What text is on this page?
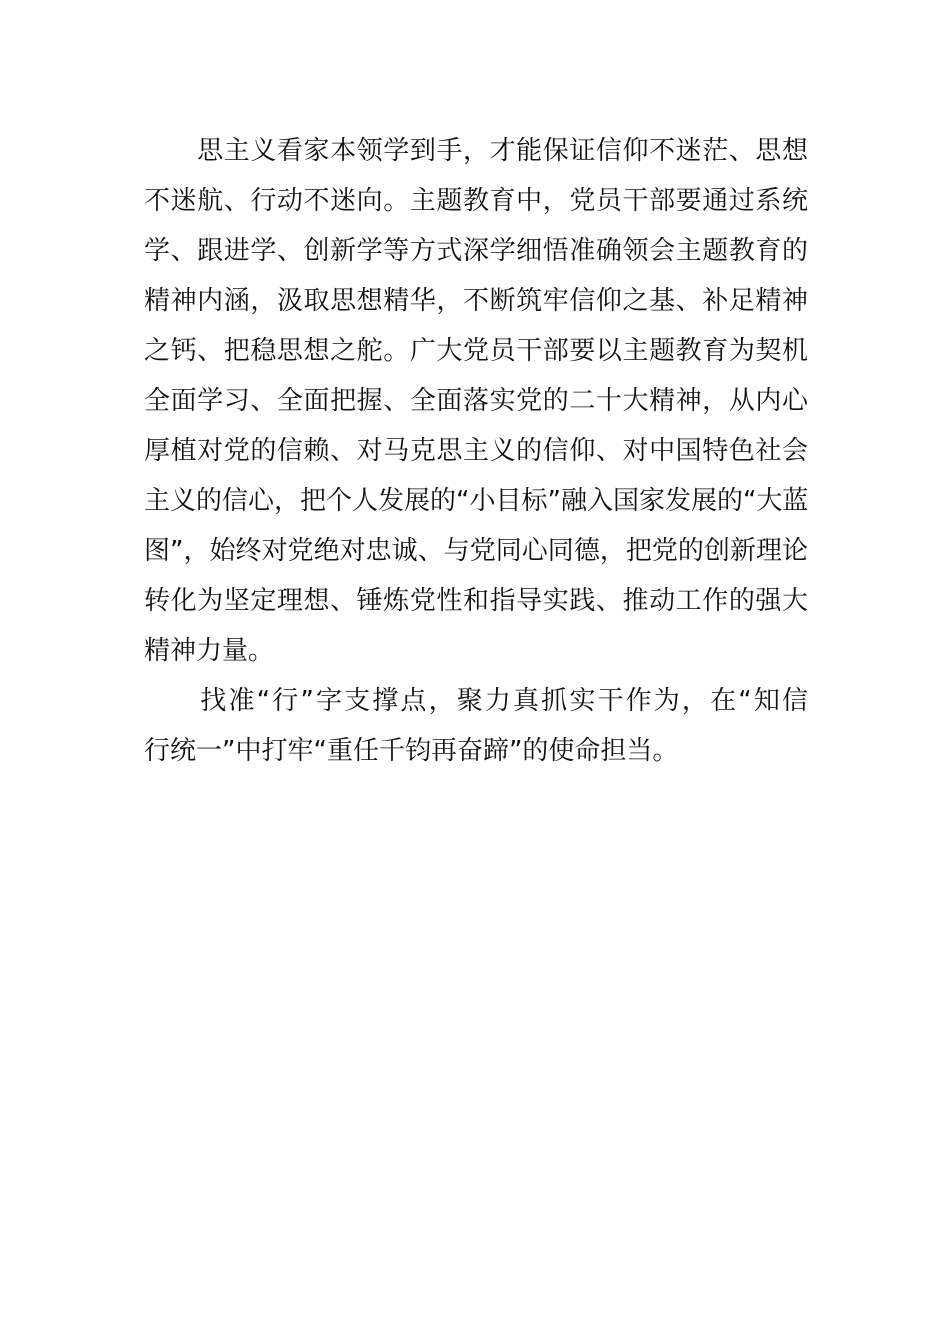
　　思主义看家本领学到手，才能保证信仰不迷茫、思想
不迷航、行动不迷向。主题教育中，党员干部要通过系统
学、跟进学、创新学等方式深学细悟准确领会主题教育的
精神内涵，汲取思想精华，不断筑牢信仰之基、补足精神
之钙、把稳思想之舵。广大党员干部要以主题教育为契机
全面学习、全面把握、全面落实党的二十大精神，从内心
厚植对党的信赖、对马克思主义的信仰、对中国特色社会
主义的信心，把个人发展的“小目标”融入国家发展的“大蓝
图”，始终对党绝对忠诚、与党同心同德，把党的创新理论
转化为坚定理想、锤炼党性和指导实践、推动工作的强大
精神力量。
　　找准“行”字支撑点，聚力真抓实干作为，在“知信
行统一”中打牢“重任千钧再奋蹄”的使命担当。
